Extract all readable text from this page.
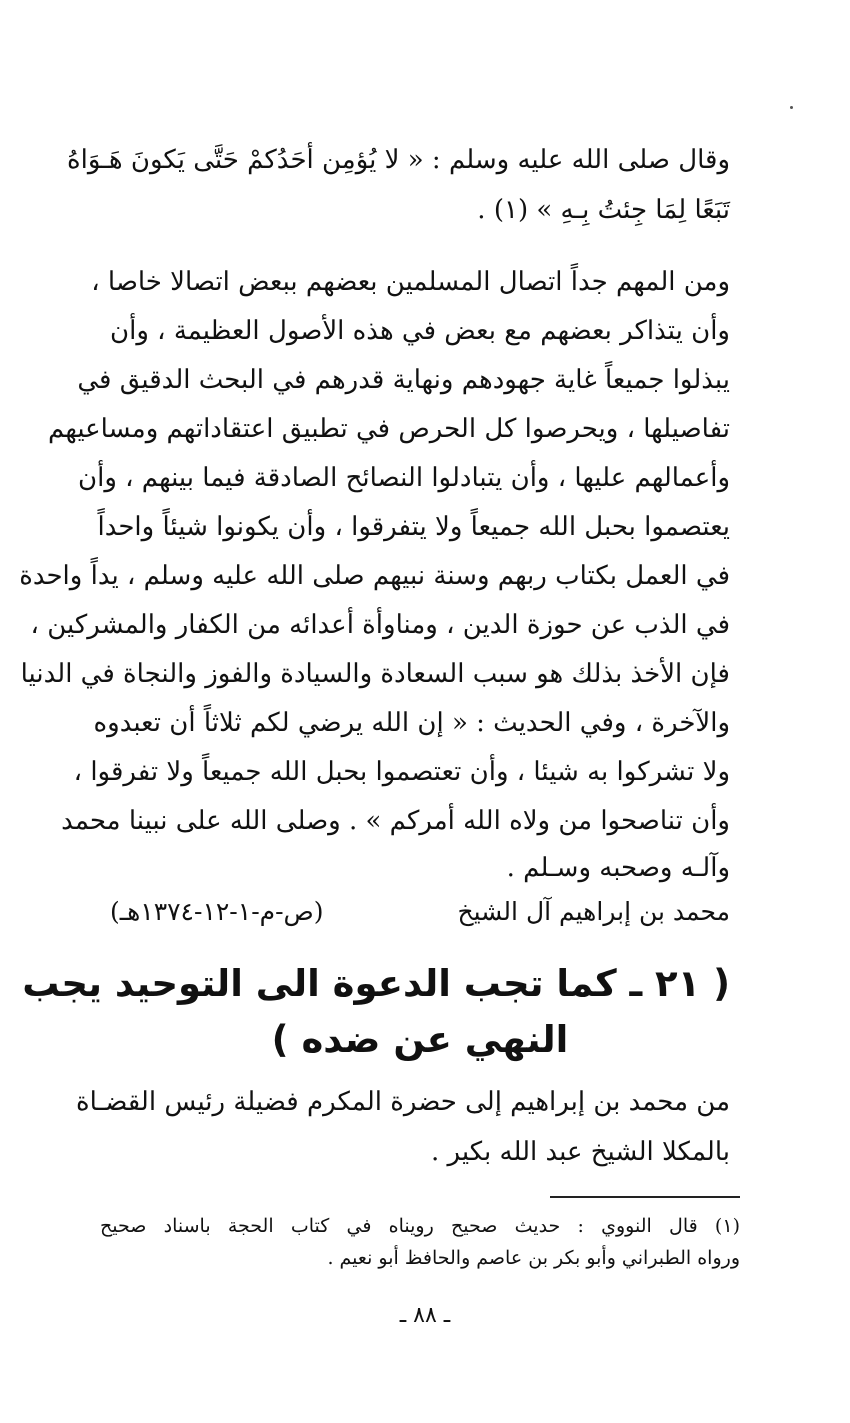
وقال صلى الله عليه وسلم : « لا يُؤمِن أحَدُكمْ حَتَّى يَكونَ هَـوَاهُ
تَبَعًا لِمَا جِئتُ بِـهِ » (١) .
ومن المهم جداً اتصال المسلمين بعضهم ببعض اتصالا خاصا ،
وأن يتذاكر بعضهم مع بعض في هذه الأصول العظيمة ، وأن
يبذلوا جميعاً غاية جهودهم ونهاية قدرهم في البحث الدقيق في
تفاصيلها ، ويحرصوا كل الحرص في تطبيق اعتقاداتهم ومساعيهم
وأعمالهم عليها ، وأن يتبادلوا النصائح الصادقة فيما بينهم ، وأن
يعتصموا بحبل الله جميعاً ولا يتفرقوا ، وأن يكونوا شيئاً واحداً
في العمل بكتاب ربهم وسنة نبيهم صلى الله عليه وسلم ، يداً واحدة
في الذب عن حوزة الدين ، ومناوأة أعدائه من الكفار والمشركين ،
فإن الأخذ بذلك هو سبب السعادة والسيادة والفوز والنجاة في الدنيا
والآخرة ، وفي الحديث : « إن الله يرضي لكم ثلاثاً أن تعبدوه
ولا تشركوا به شيئا ، وأن تعتصموا بحبل الله جميعاً ولا تفرقوا ،
وأن تناصحوا من ولاه الله أمركم » . وصلى الله على نبينا محمد
وآلـه وصحبه وسـلم .
محمد بن إبراهيم آل الشيخ
(ص-م-١-١٢-١٣٧٤هـ)
( ٢١ ـ كما تجب الدعوة الى التوحيد يجب
النهي عن ضده )
من محمد بن إبراهيم إلى حضرة المكرم فضيلة رئيس القضـاة
بالمكلا الشيخ عبد الله بكير .
(١) قال النووي : حديث صحيح رويناه في كتاب الحجة باسناد صحيح
ورواه الطبراني وأبو بكر بن عاصم والحافظ أبو نعيم .
ـ ٨٨ ـ
